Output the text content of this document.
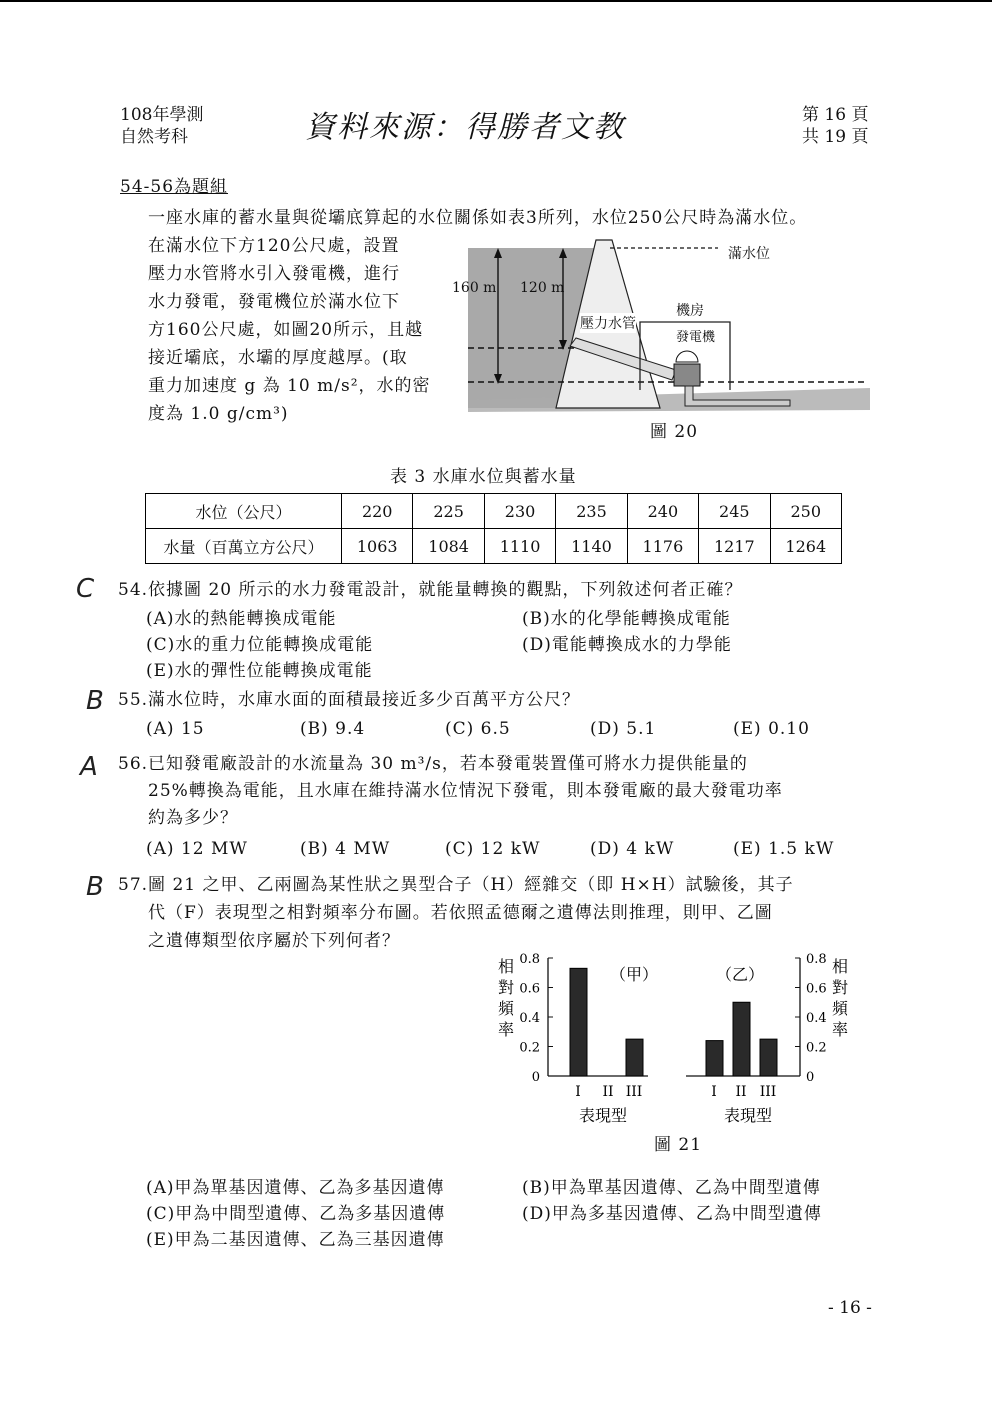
108年學測
自然考科	資料來源：得勝者文教	第 16 頁
共 19 頁
54-56為題組
一座水庫的蓄水量與從壩底算起的水位關係如表3所列，水位250公尺時為滿水位。
在滿水位下方120公尺處，設置
壓力水管將水引入發電機，進行
水力發電，發電機位於滿水位下
方160公尺處，如圖20所示，且越
接近壩底，水壩的厚度越厚。(取
重力加速度 g 為 10 m/s²，水的密
度為 1.0 g/cm³)
滿水位
160 m 120 m
壓力水管
機房
發電機
圖 20
表 3 水庫水位與蓄水量
水位（公尺）	220	225	230	235	240	245	250
水量（百萬立方公尺）	1063	1084	1110	1140	1176	1217	1264
C 54.依據圖 20 所示的水力發電設計，就能量轉換的觀點，下列敘述何者正確？
(A)水的熱能轉換成電能	(B)水的化學能轉換成電能
(C)水的重力位能轉換成電能	(D)電能轉換成水的力學能
(E)水的彈性位能轉換成電能
B 55.滿水位時，水庫水面的面積最接近多少百萬平方公尺？
(A) 15	(B) 9.4	(C) 6.5	(D) 5.1	(E) 0.10
A 56.已知發電廠設計的水流量為 30 m³/s，若本發電裝置僅可將水力提供能量的
25%轉換為電能，且水庫在維持滿水位情況下發電，則本發電廠的最大發電功率
約為多少？
(A) 12 MW	(B) 4 MW	(C) 12 kW	(D) 4 kW	(E) 1.5 kW
B 57.圖 21 之甲、乙兩圖為某性狀之異型合子（H）經雜交（即 H×H）試驗後，其子
代（F）表現型之相對頻率分布圖。若依照孟德爾之遺傳法則推理，則甲、乙圖
之遺傳類型依序屬於下列何者？
0
0.2
0.4
0.6
0.8
I II III
（甲）
表現型
相
對
頻
率
0
0.2
0.4
0.6
0.8
I II III
（乙）
表現型
相
對
頻
率
圖 21
(A)甲為單基因遺傳、乙為多基因遺傳	(B)甲為單基因遺傳、乙為中間型遺傳
(C)甲為中間型遺傳、乙為多基因遺傳	(D)甲為多基因遺傳、乙為中間型遺傳
(E)甲為二基因遺傳、乙為三基因遺傳
- 16 -
